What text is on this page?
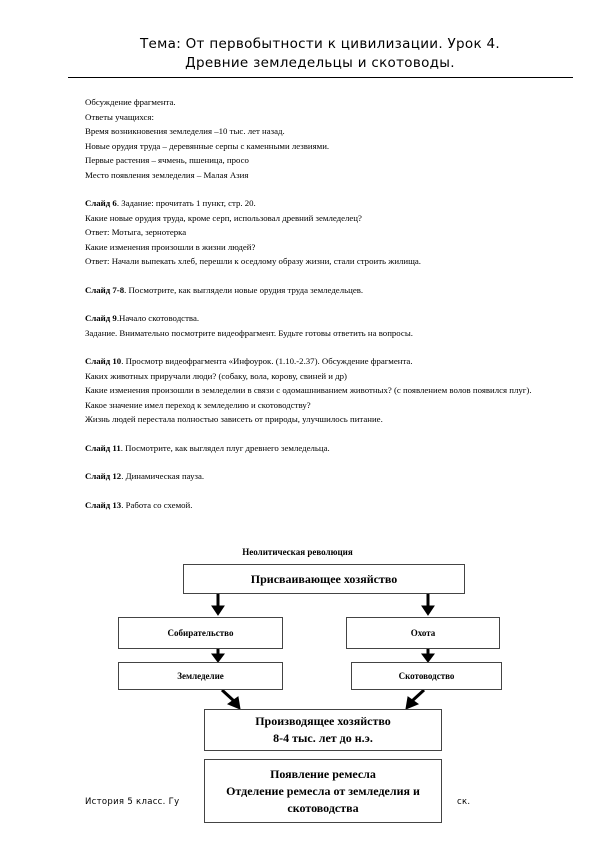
Тема: От первобытности к цивилизации. Урок 4.
Древние земледельцы и скотоводы.

Обсуждение фрагмента.

Ответы учащихся:

Время возникновения земледелия –10 тыс. лет назад.

Новые орудия труда – деревянные серпы с каменными лезвиями.

Первые растения – ячмень, пшеница, просо

Место появления земледелия – Малая Азия

Слайд 6. Задание: прочитать 1 пункт, стр. 20.

Какие новые орудия труда, кроме серп, использовал древний земледелец?

Ответ: Мотыга, зернотерка

Какие изменения произошли в жизни людей?

Ответ: Начали выпекать хлеб, перешли к оседлому образу жизни, стали строить жилища.

Слайд 7-8. Посмотрите, как выглядели новые орудия труда земледельцев.

Слайд 9.Начало скотоводства.

Задание. Внимательно посмотрите видеофрагмент. Будьте готовы ответить на вопросы.

Слайд 10. Просмотр видеофрагмента «Инфоурок. (1.10.-2.37). Обсуждение фрагмента.

Каких животных приручали люди? (собаку, вола, корову, свиней и др)

Какие изменения произошли в земледелии в связи с одомашниванием животных? (с появлением волов появился плуг).

Какое значение имел переход к земледелию и скотоводству?

Жизнь людей перестала полностью зависеть от природы, улучшилось питание.

Слайд 11. Посмотрите, как выглядел плуг древнего земледельца.

Слайд 12. Динамическая пауза.

Слайд 13. Работа со схемой.

Неолитическая революция
Присваивающее хозяйство
Собирательство	Охота
Земледелие	Скотоводство
Производящее хозяйство
8-4 тыс. лет до н.э.
История 5 класс. Гу	ск.
Появление ремесла
Отделение ремесла от земледелия и
скотоводства
